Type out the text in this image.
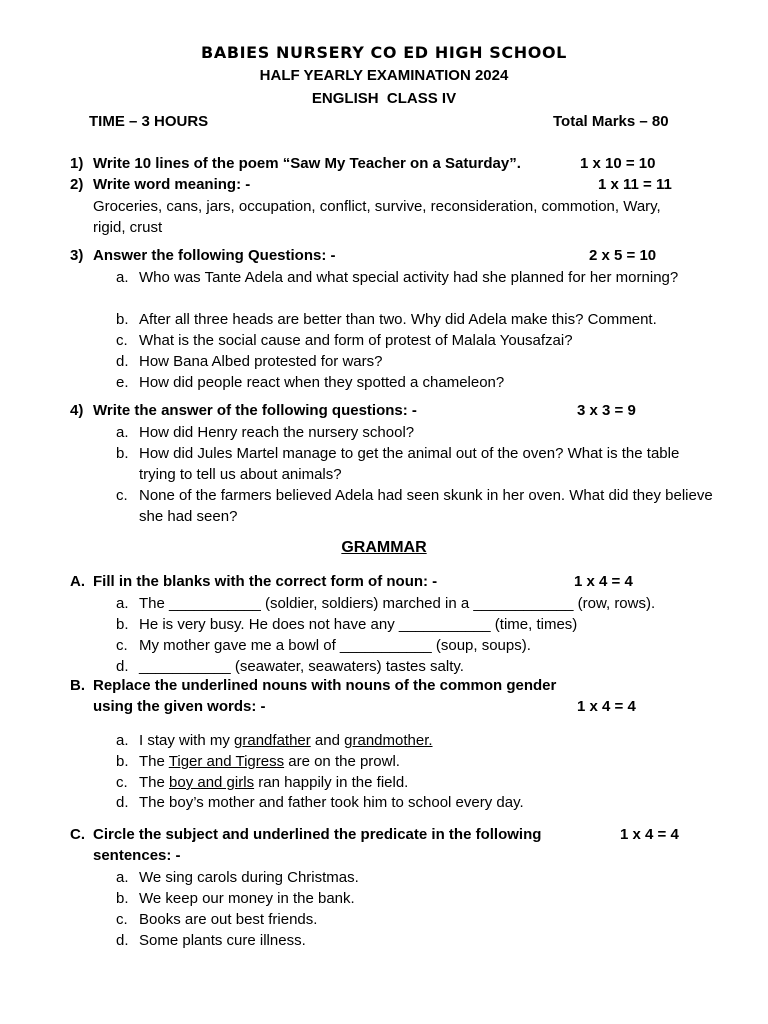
BABIES NURSERY CO ED HIGH SCHOOL
HALF YEARLY EXAMINATION 2024
ENGLISH  CLASS IV
TIME – 3 HOURS	Total Marks – 80
1) Write 10 lines of the poem “Saw My Teacher on a Saturday”.	1 x 10 = 10
2) Write word meaning: -	1 x 11 = 11
Groceries, cans, jars, occupation, conflict, survive, reconsideration, commotion, Wary, rigid, crust
3) Answer the following Questions: -	2 x 5 = 10
a. Who was Tante Adela and what special activity had she planned for her morning?
b. After all three heads are better than two. Why did Adela make this? Comment.
c. What is the social cause and form of protest of Malala Yousafzai?
d. How Bana Albed protested for wars?
e. How did people react when they spotted a chameleon?
4) Write the answer of the following questions: -	3 x 3 = 9
a. How did Henry reach the nursery school?
b. How did Jules Martel manage to get the animal out of the oven? What is the table trying to tell us about animals?
c. None of the farmers believed Adela had seen skunk in her oven. What did they believe she had seen?
GRAMMAR
A. Fill in the blanks with the correct form of noun: -	1 x 4 = 4
a. The ___________ (soldier, soldiers) marched in a ____________ (row, rows).
b. He is very busy. He does not have any ___________ (time, times)
c. My mother gave me a bowl of ___________ (soup, soups).
d. ___________ (seawater, seawaters) tastes salty.
B. Replace the underlined nouns with nouns of the common gender
using the given words: -	1 x 4 = 4
a. I stay with my grandfather and grandmother.
b. The Tiger and Tigress are on the prowl.
c. The boy and girls ran happily in the field.
d. The boy’s mother and father took him to school every day.
C. Circle the subject and underlined the predicate in the following	1 x 4 = 4
sentences: -
a. We sing carols during Christmas.
b. We keep our money in the bank.
c. Books are out best friends.
d. Some plants cure illness.
